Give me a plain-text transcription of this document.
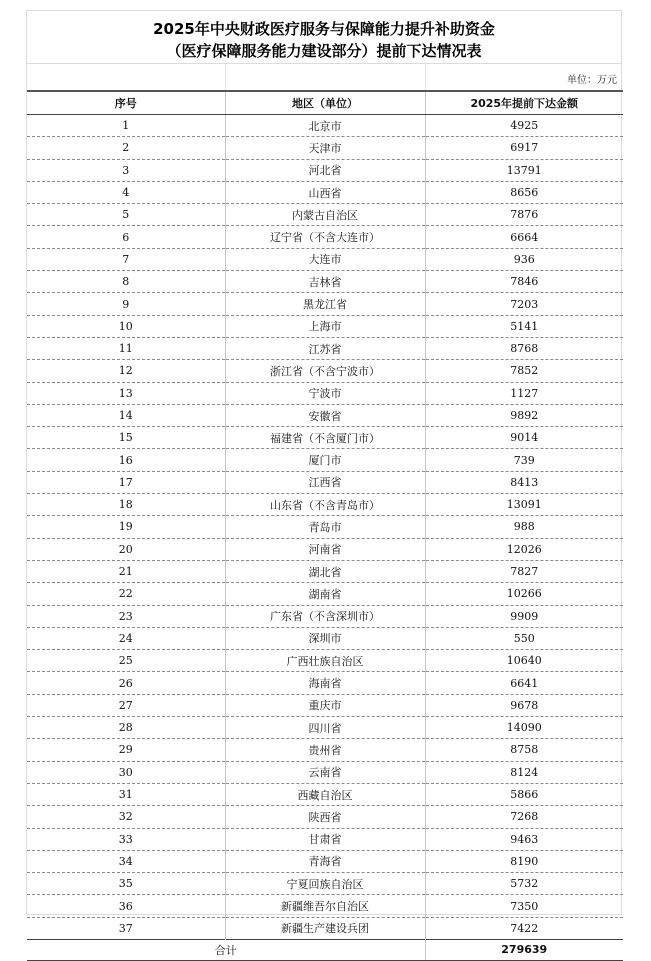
2025年中央财政医疗服务与保障能力提升补助资金
（医疗保障服务能力建设部分）提前下达情况表
单位：万元
序号	地区（单位）	2025年提前下达金额
1	北京市	4925
2	天津市	6917
3	河北省	13791
4	山西省	8656
5	内蒙古自治区	7876
6	辽宁省（不含大连市）	6664
7	大连市	936
8	吉林省	7846
9	黑龙江省	7203
10	上海市	5141
11	江苏省	8768
12	浙江省（不含宁波市）	7852
13	宁波市	1127
14	安徽省	9892
15	福建省（不含厦门市）	9014
16	厦门市	739
17	江西省	8413
18	山东省（不含青岛市）	13091
19	青岛市	988
20	河南省	12026
21	湖北省	7827
22	湖南省	10266
23	广东省（不含深圳市）	9909
24	深圳市	550
25	广西壮族自治区	10640
26	海南省	6641
27	重庆市	9678
28	四川省	14090
29	贵州省	8758
30	云南省	8124
31	西藏自治区	5866
32	陕西省	7268
33	甘肃省	9463
34	青海省	8190
35	宁夏回族自治区	5732
36	新疆维吾尔自治区	7350
37	新疆生产建设兵团	7422
合计		279639
